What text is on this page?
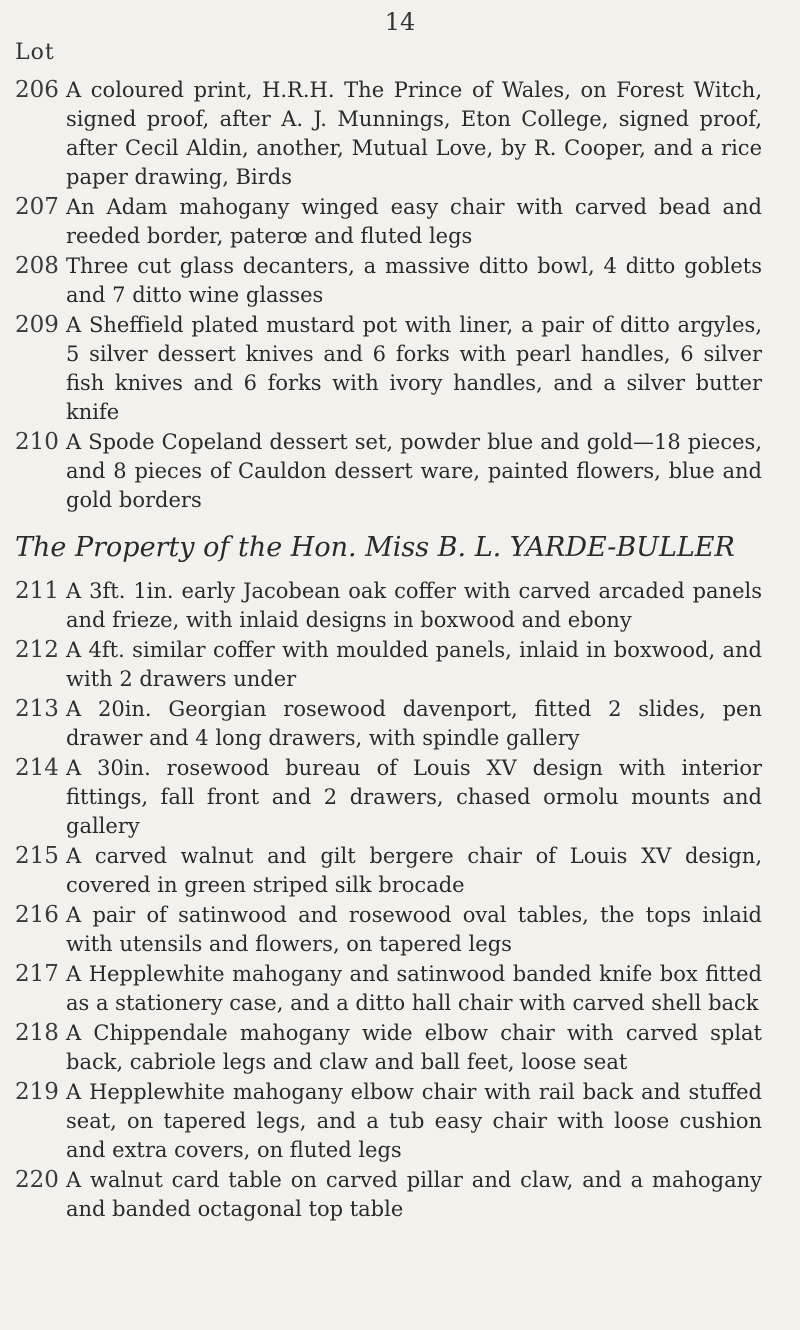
14
Lot
206 A coloured print, H.R.H. The Prince of Wales, on Forest Witch, signed proof, after A. J. Munnings, Eton College, signed proof, after Cecil Aldin, another, Mutual Love, by R. Cooper, and a rice paper drawing, Birds
207 An Adam mahogany winged easy chair with carved bead and reeded border, paterœ and fluted legs
208 Three cut glass decanters, a massive ditto bowl, 4 ditto goblets and 7 ditto wine glasses
209 A Sheffield plated mustard pot with liner, a pair of ditto argyles, 5 silver dessert knives and 6 forks with pearl handles, 6 silver fish knives and 6 forks with ivory handles, and a silver butter knife
210 A Spode Copeland dessert set, powder blue and gold—18 pieces, and 8 pieces of Cauldon dessert ware, painted flowers, blue and gold borders
The Property of the Hon. Miss B. L. YARDE-BULLER
211 A 3ft. 1in. early Jacobean oak coffer with carved arcaded panels and frieze, with inlaid designs in boxwood and ebony
212 A 4ft. similar coffer with moulded panels, inlaid in boxwood, and with 2 drawers under
213 A 20in. Georgian rosewood davenport, fitted 2 slides, pen drawer and 4 long drawers, with spindle gallery
214 A 30in. rosewood bureau of Louis XV design with interior fittings, fall front and 2 drawers, chased ormolu mounts and gallery
215 A carved walnut and gilt bergere chair of Louis XV design, covered in green striped silk brocade
216 A pair of satinwood and rosewood oval tables, the tops inlaid with utensils and flowers, on tapered legs
217 A Hepplewhite mahogany and satinwood banded knife box fitted as a stationery case, and a ditto hall chair with carved shell back
218 A Chippendale mahogany wide elbow chair with carved splat back, cabriole legs and claw and ball feet, loose seat
219 A Hepplewhite mahogany elbow chair with rail back and stuffed seat, on tapered legs, and a tub easy chair with loose cushion and extra covers, on fluted legs
220 A walnut card table on carved pillar and claw, and a mahogany and banded octagonal top table
